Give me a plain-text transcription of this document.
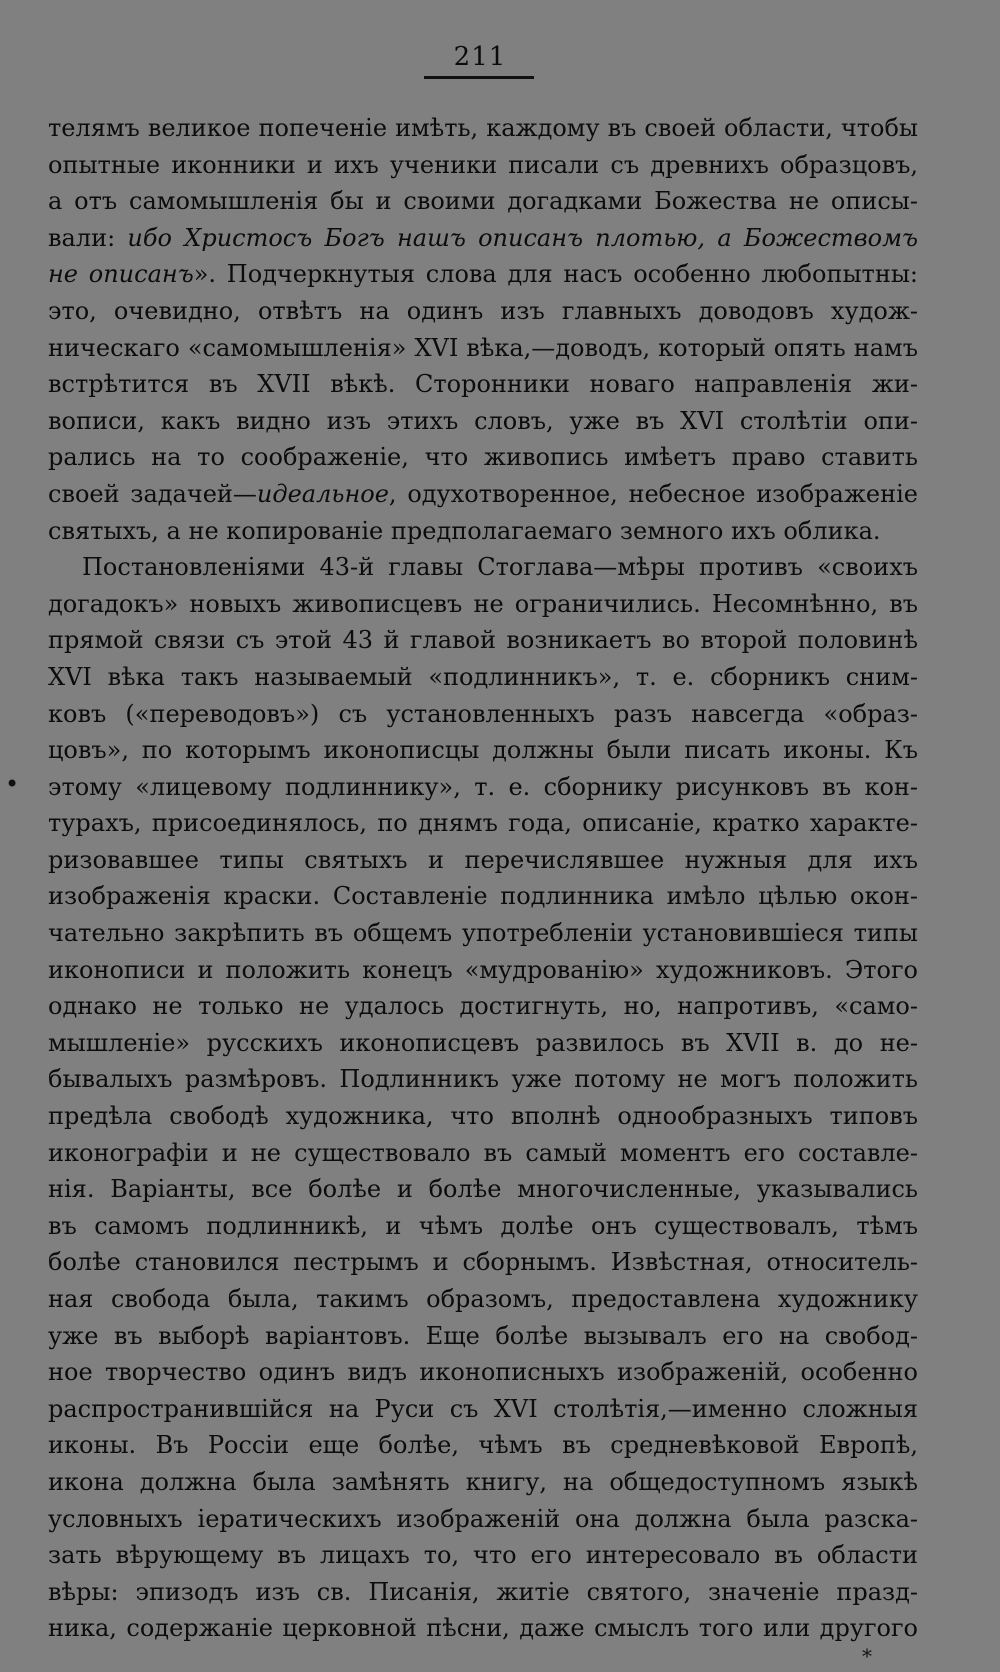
211
•
телямъ великое попеченіе имѣть, каждому въ своей области, чтобы
опытные иконники и ихъ ученики писали съ древнихъ образцовъ,
а отъ самомышленія бы и своими догадками Божества не описы-
вали: ибо Христосъ Богъ нашъ описанъ плотью, а Божествомъ
не описанъ». Подчеркнутыя слова для насъ особенно любопытны:
это, очевидно, отвѣтъ на одинъ изъ главныхъ доводовъ худож-
ническаго «самомышленія» XVI вѣка,—доводъ, который опять намъ
встрѣтится въ XVII вѣкѣ. Сторонники новаго направленія жи-
вописи, какъ видно изъ этихъ словъ, уже въ XVI столѣтіи опи-
рались на то соображеніе, что живопись имѣетъ право ставить
своей задачей—идеальное, одухотворенное, небесное изображеніе
святыхъ, а не копированіе предполагаемаго земного ихъ облика.
Постановленіями 43-й главы Стоглава—мѣры противъ «своихъ
догадокъ» новыхъ живописцевъ не ограничились. Несомнѣнно, въ
прямой связи съ этой 43 й главой возникаетъ во второй половинѣ
XVI вѣка такъ называемый «подлинникъ», т. е. сборникъ сним-
ковъ («переводовъ») съ установленныхъ разъ навсегда «образ-
цовъ», по которымъ иконописцы должны были писать иконы. Къ
этому «лицевому подлиннику», т. е. сборнику рисунковъ въ кон-
турахъ, присоединялось, по днямъ года, описаніе, кратко характе-
ризовавшее типы святыхъ и перечислявшее нужныя для ихъ
изображенія краски. Составленіе подлинника имѣло цѣлью окон-
чательно закрѣпить въ общемъ употребленіи установившіеся типы
иконописи и положить конецъ «мудрованію» художниковъ. Этого
однако не только не удалось достигнуть, но, напротивъ, «само-
мышленіе» русскихъ иконописцевъ развилось въ XVII в. до не-
бывалыхъ размѣровъ. Подлинникъ уже потому не могъ положить
предѣла свободѣ художника, что вполнѣ однообразныхъ типовъ
иконографіи и не существовало въ самый моментъ его составле-
нія. Варіанты, все болѣе и болѣе многочисленные, указывались
въ самомъ подлинникѣ, и чѣмъ долѣе онъ существовалъ, тѣмъ
болѣе становился пестрымъ и сборнымъ. Извѣстная, относитель-
ная свобода была, такимъ образомъ, предоставлена художнику
уже въ выборѣ варіантовъ. Еще болѣе вызывалъ его на свобод-
ное творчество одинъ видъ иконописныхъ изображеній, особенно
распространившійся на Руси съ XVI столѣтія,—именно сложныя
иконы. Въ Россіи еще болѣе, чѣмъ въ средневѣковой Европѣ,
икона должна была замѣнять книгу, на общедоступномъ языкѣ
условныхъ іератическихъ изображеній она должна была разска-
зать вѣрующему въ лицахъ то, что его интересовало въ области
вѣры: эпизодъ изъ св. Писанія, житіе святого, значеніе празд-
ника, содержаніе церковной пѣсни, даже смыслъ того или другого
*
